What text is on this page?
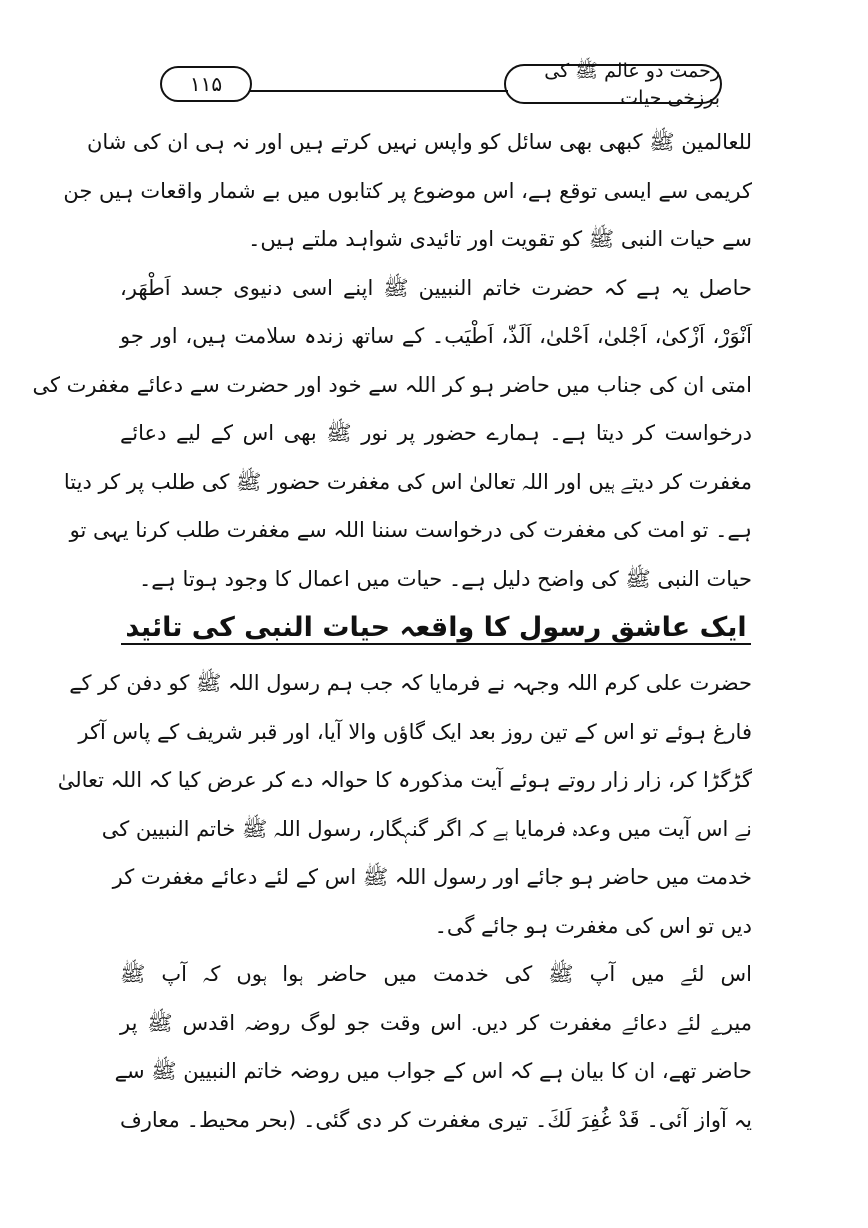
۱۱۵
رحمت دو عالم ﷺ کی برزخی حیات
للعالمین ﷺ کبھی بھی سائل کو واپس نہیں کرتے ہیں اور نہ ہی ان کی شان
کریمی سے ایسی توقع ہے، اس موضوع پر کتابوں میں بے شمار واقعات ہیں جن
سے حیات النبی ﷺ کو تقویت اور تائیدی شواہد ملتے ہیں۔
حاصل یہ ہے کہ حضرت خاتم النبیین ﷺ اپنے اسی دنیوی جسد اَطْھَر،
اَنْوَرْ، اَزْکیٰ، اَجْلیٰ، اَحْلیٰ، اَلَذّ، اَطْیَب۔ کے ساتھ زندہ سلامت ہیں، اور جو
امتی ان کی جناب میں حاضر ہو کر اللہ سے خود اور حضرت سے دعائے مغفرت کی
درخواست کر دیتا ہے۔ ہمارے حضور پر نور ﷺ بھی اس کے لیے دعائے
مغفرت کر دیتے ہیں اور اللہ تعالیٰ اس کی مغفرت حضور ﷺ کی طلب پر کر دیتا
ہے۔ تو امت کی مغفرت کی درخواست سننا اللہ سے مغفرت طلب کرنا یہی تو
حیات النبی ﷺ کی واضح دلیل ہے۔ حیات میں اعمال کا وجود ہوتا ہے۔
ایک عاشق رسول کا واقعہ حیات النبی کی تائید
حضرت علی کرم اللہ وجہہ نے فرمایا کہ جب ہم رسول اللہ ﷺ کو دفن کر کے
فارغ ہوئے تو اس کے تین روز بعد ایک گاؤں والا آیا، اور قبر شریف کے پاس آکر
گڑگڑا کر، زار زار روتے ہوئے آیت مذکورہ کا حوالہ دے کر عرض کیا کہ اللہ تعالیٰ
نے اس آیت میں وعدہ فرمایا ہے کہ اگر گنہگار، رسول اللہ ﷺ خاتم النبیین کی
خدمت میں حاضر ہو جائے اور رسول اللہ ﷺ اس کے لئے دعائے مغفرت کر
دیں تو اس کی مغفرت ہو جائے گی۔
اس لئے میں آپ ﷺ کی خدمت میں حاضر ہوا ہوں کہ آپ ﷺ
میرے لئے دعائے مغفرت کر دیں۔ اس وقت جو لوگ روضہ اقدس ﷺ پر
حاضر تھے، ان کا بیان ہے کہ اس کے جواب میں روضہ خاتم النبیین ﷺ سے
یہ آواز آئی۔ قَدْ غُفِرَ لَكَ۔ تیری مغفرت کر دی گئی۔ (بحر محیط۔ معارف
